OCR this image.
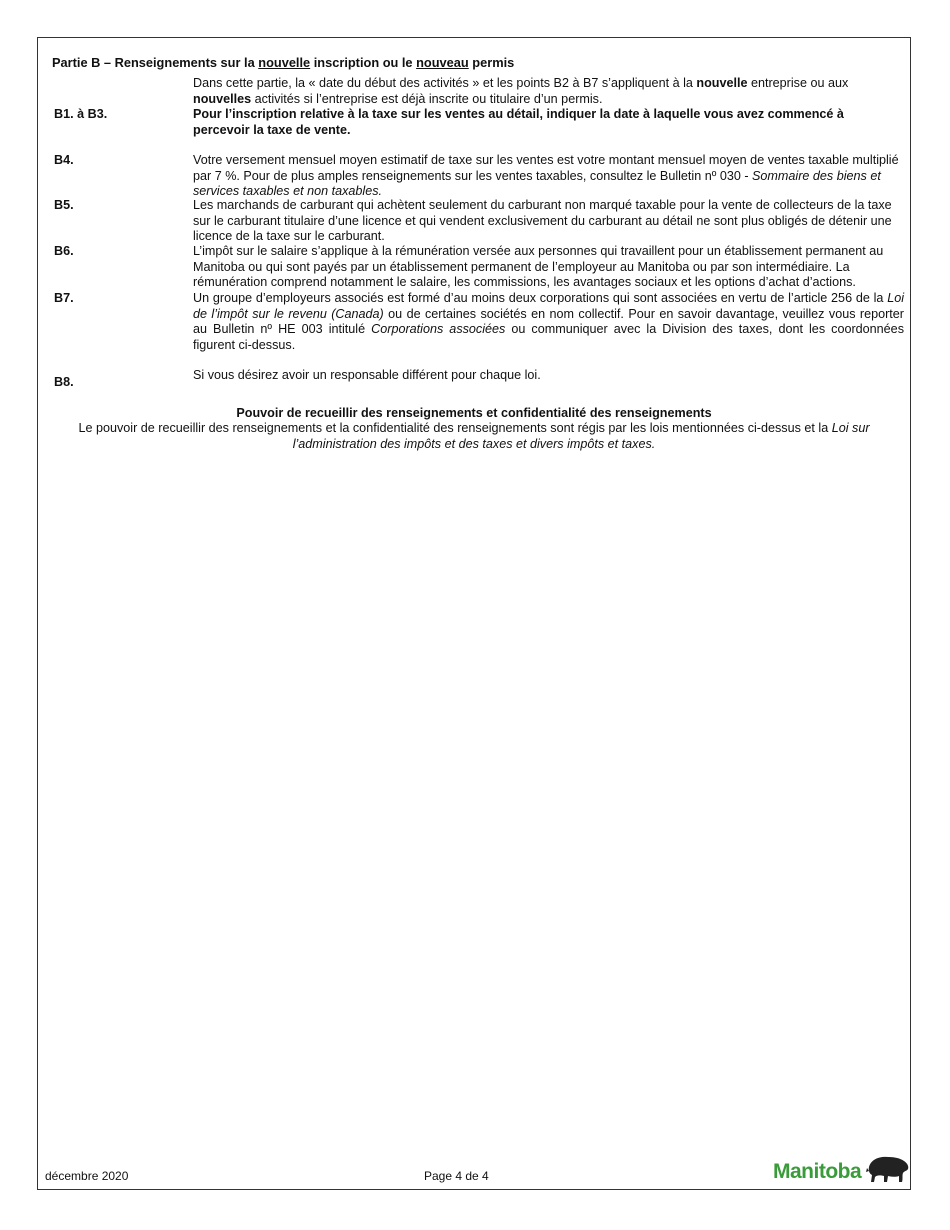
Partie B – Renseignements sur la nouvelle inscription ou le nouveau permis
Dans cette partie, la « date du début des activités » et les points B2 à B7 s’appliquent à la nouvelle entreprise ou aux nouvelles activités si l’entreprise est déjà inscrite ou titulaire d’un permis.
B1. à B3.	Pour l’inscription relative à la taxe sur les ventes au détail, indiquer la date à laquelle vous avez commencé à percevoir la taxe de vente.
B4.	Votre versement mensuel moyen estimatif de taxe sur les ventes est votre montant mensuel moyen de ventes taxable multiplié par 7 %. Pour de plus amples renseignements sur les ventes taxables, consultez le Bulletin nº 030 - Sommaire des biens et services taxables et non taxables.
B5.	Les marchands de carburant qui achètent seulement du carburant non marqué taxable pour la vente de collecteurs de la taxe sur le carburant titulaire d’une licence et qui vendent exclusivement du carburant au détail ne sont plus obligés de détenir une licence de la taxe sur le carburant.
B6.	L’impôt sur le salaire s’applique à la rémunération versée aux personnes qui travaillent pour un établissement permanent au Manitoba ou qui sont payés par un établissement permanent de l’employeur au Manitoba ou par son intermédiaire. La rémunération comprend notamment le salaire, les commissions, les avantages sociaux et les options d’achat d’actions.
B7.	Un groupe d’employeurs associés est formé d’au moins deux corporations qui sont associées en vertu de l’article 256 de la Loi de l’impôt sur le revenu (Canada) ou de certaines sociétés en nom collectif. Pour en savoir davantage, veuillez vous reporter au Bulletin nº HE 003 intitulé Corporations associées ou communiquer avec la Division des taxes, dont les coordonnées figurent ci-dessus.
B8.	Si vous désirez avoir un responsable différent pour chaque loi.
Pouvoir de recueillir des renseignements et confidentialité des renseignements
Le pouvoir de recueillir des renseignements et la confidentialité des renseignements sont régis par les lois mentionnées ci-dessus et la Loi sur l’administration des impôts et des taxes et divers impôts et taxes.
décembre 2020	Page 4 de 4	Manitoba
